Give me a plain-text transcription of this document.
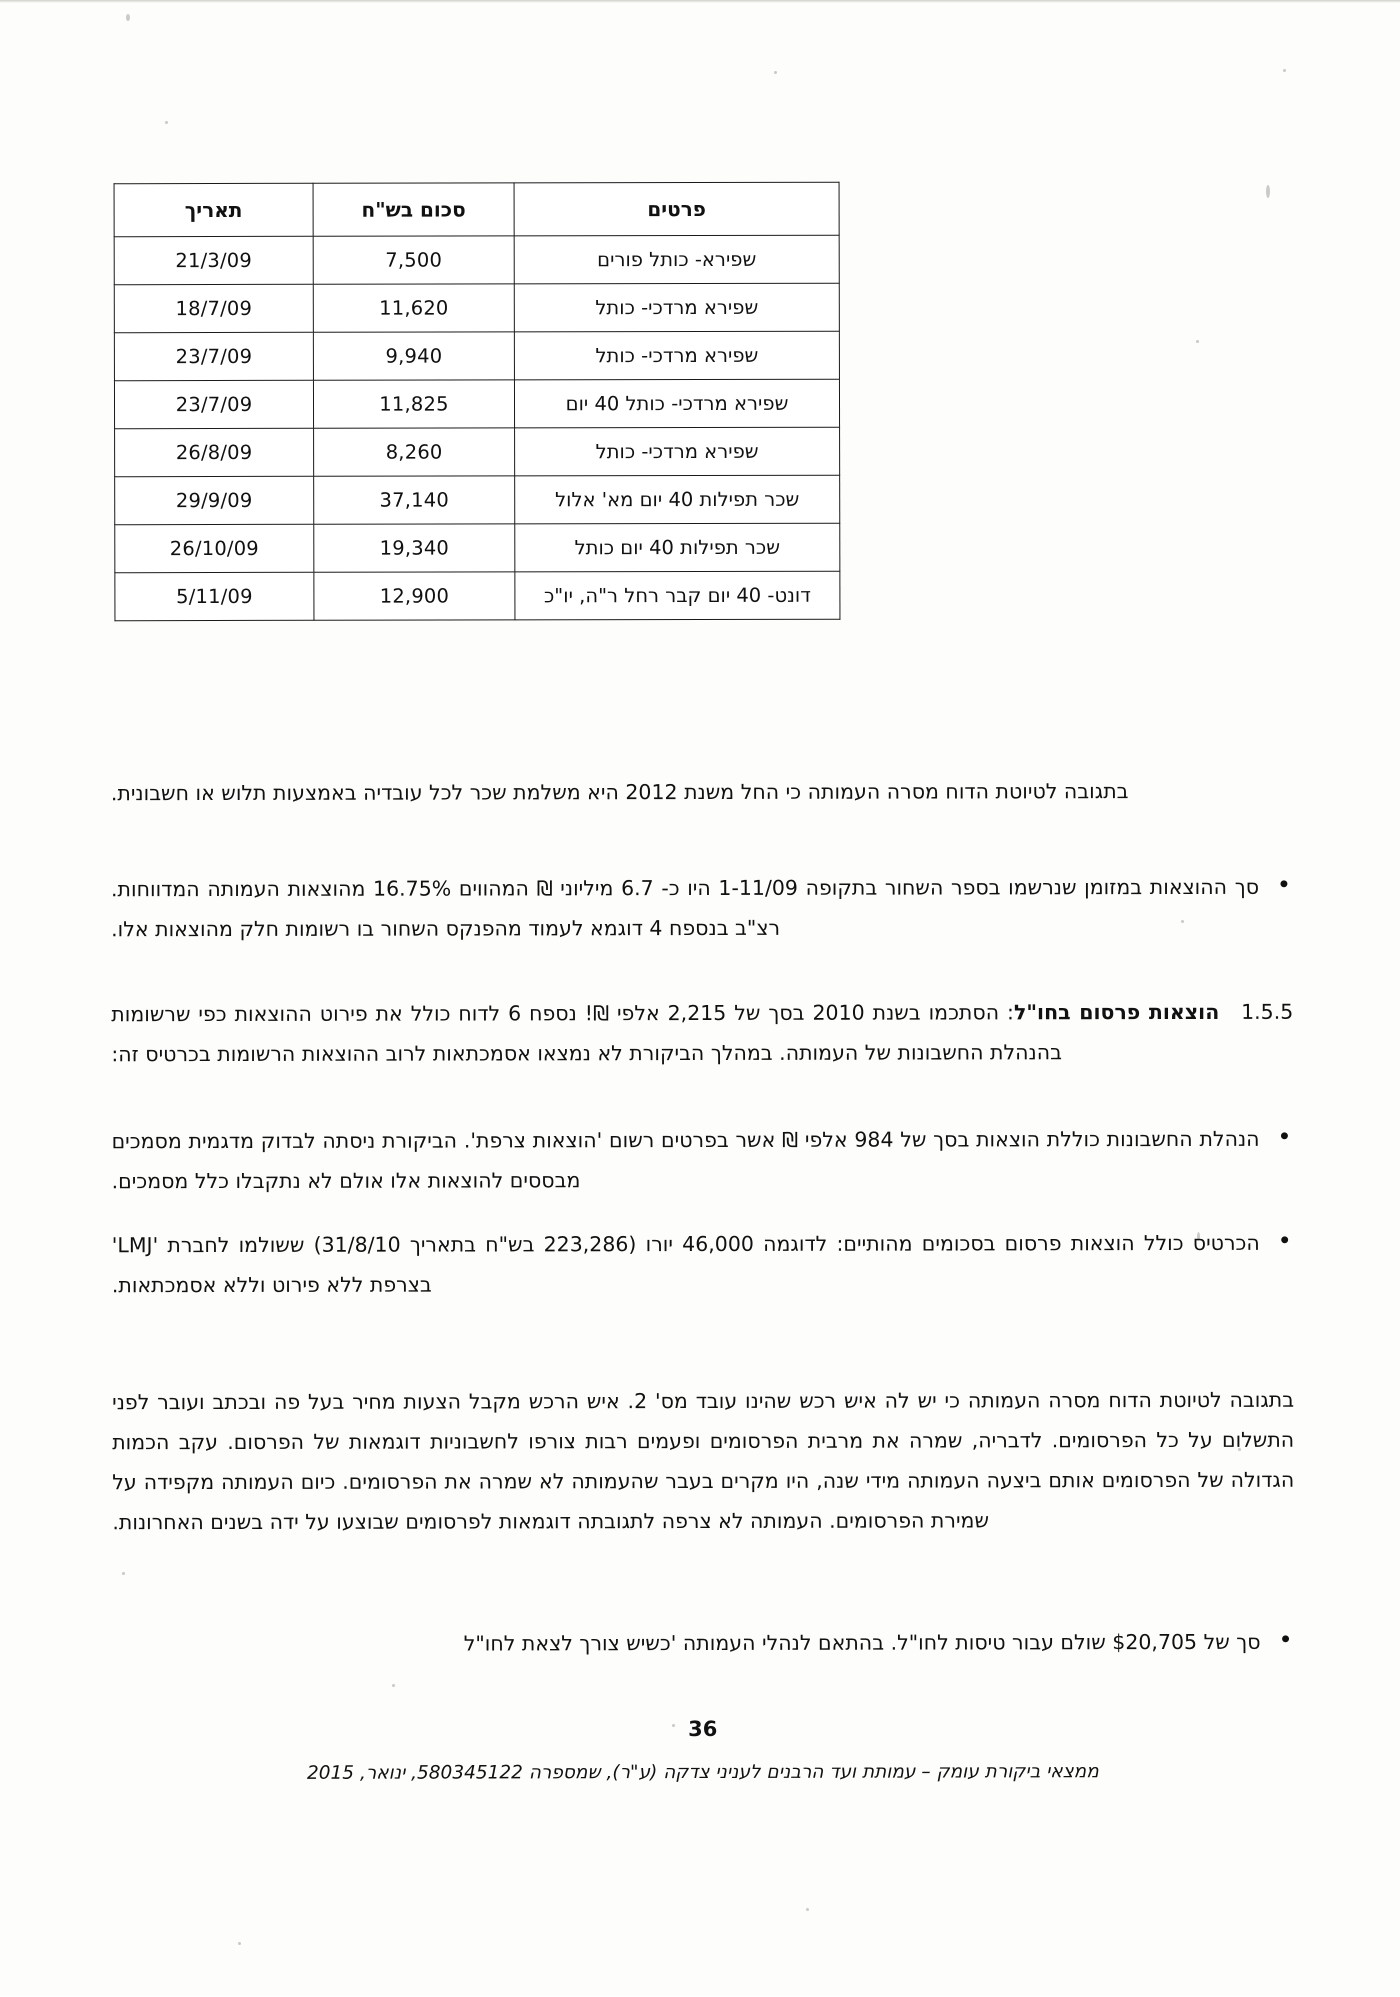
פרטים	סכום בש"ח	תאריך
שפירא- כותל פורים	7,500	21/3/09
שפירא מרדכי- כותל	11,620	18/7/09
שפירא מרדכי- כותל	9,940	23/7/09
שפירא מרדכי- כותל 40 יום	11,825	23/7/09
שפירא מרדכי- כותל	8,260	26/8/09
שכר תפילות 40 יום מא' אלול	37,140	29/9/09
שכר תפילות 40 יום כותל	19,340	26/10/09
דונט- 40 יום קבר רחל ר"ה, יו"כ	12,900	5/11/09
בתגובה לטיוטת הדוח מסרה העמותה כי החל משנת 2012 היא משלמת שכר לכל עובדיה באמצעות תלוש או חשבונית.
• סך ההוצאות במזומן שנרשמו בספר השחור בתקופה 1-11/09 היו כ- 6.7 מיליוני ₪ המהווים 16.75% מהוצאות העמותה המדווחות. רצ"ב בנספח 4 דוגמא לעמוד מהפנקס השחור בו רשומות חלק מהוצאות אלו.
1.5.5
הוצאות פרסום בחו"ל: הסתכמו בשנת 2010 בסך של 2,215 אלפי ₪! נספח 6 לדוח כולל את פירוט ההוצאות כפי שרשומות בהנהלת החשבונות של העמותה. במהלך הביקורת לא נמצאו אסמכתאות לרוב ההוצאות הרשומות בכרטיס זה:
• הנהלת החשבונות כוללת הוצאות בסך של 984 אלפי ₪ אשר בפרטים רשום 'הוצאות צרפת'. הביקורת ניסתה לבדוק מדגמית מסמכים מבססים להוצאות אלו אולם לא נתקבלו כלל מסמכים.
• הכרטיס כולל הוצאות פרסום בסכומים מהותיים: לדוגמה 46,000 יורו (223,286 בש"ח בתאריך 31/8/10) ששולמו לחברת 'LMJ' בצרפת ללא פירוט וללא אסמכתאות.
בתגובה לטיוטת הדוח מסרה העמותה כי יש לה איש רכש שהינו עובד מס' 2. איש הרכש מקבל הצעות מחיר בעל פה ובכתב ועובר לפני התשלום על כל הפרסומים. לדבריה, שמרה את מרבית הפרסומים ופעמים רבות צורפו לחשבוניות דוגמאות של הפרסום. עקב הכמות הגדולה של הפרסומים אותם ביצעה העמותה מידי שנה, היו מקרים בעבר שהעמותה לא שמרה את הפרסומים. כיום העמותה מקפידה על שמירת הפרסומים. העמותה לא צרפה לתגובתה דוגמאות לפרסומים שבוצעו על ידה בשנים האחרונות.
• סך של $20,705 שולם עבור טיסות לחו"ל. בהתאם לנהלי העמותה 'כשיש צורך לצאת לחו"ל
36
ממצאי ביקורת עומק – עמותת ועד הרבנים לעניני צדקה (ע"ר), שמספרה 580345122, ינואר, 2015
